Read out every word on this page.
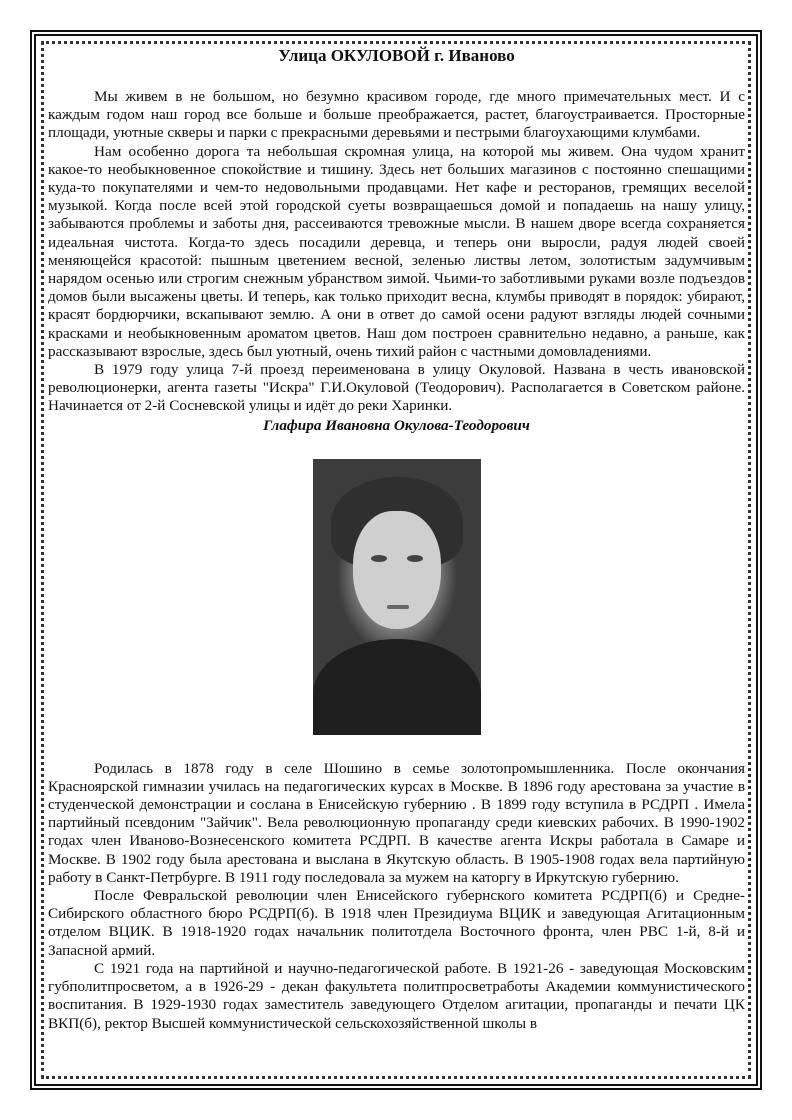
Улица ОКУЛОВОЙ г. Иваново

Мы живем в не большом, но безумно красивом городе, где много примечательных мест. И с каждым годом наш город все больше и больше преображается, растет, благоустраивается. Просторные площади, уютные скверы и парки с прекрасными деревьями и пестрыми благоухающими клумбами.

Нам особенно дорога та небольшая скромная улица, на которой мы живем. Она чудом хранит какое-то необыкновенное спокойствие и тишину. Здесь нет больших магазинов с постоянно спешащими куда-то покупателями и чем-то недовольными продавцами. Нет кафе и ресторанов, гремящих веселой музыкой. Когда после всей этой городской суеты возвращаешься домой и попадаешь на нашу улицу, забываются проблемы и заботы дня, рассеиваются тревожные мысли. В нашем дворе всегда сохраняется идеальная чистота. Когда-то здесь посадили деревца, и теперь они выросли, радуя людей своей меняющейся красотой: пышным цветением весной, зеленью листвы летом, золотистым задумчивым нарядом осенью или строгим снежным убранством зимой. Чьими-то заботливыми руками возле подъездов домов были высажены цветы. И теперь, как только приходит весна, клумбы приводят в порядок: убирают, красят бордюрчики, вскапывают землю. А они в ответ до самой осени радуют взгляды людей сочными красками и необыкновенным ароматом цветов. Наш дом построен сравнительно недавно, а раньше, как рассказывают взрослые, здесь был уютный, очень тихий район с частными домовладениями.

В 1979 году улица 7-й проезд переименована в улицу Окуловой. Названа в честь ивановской революционерки, агента газеты "Искра" Г.И.Окуловой (Теодорович). Располагается в Советском районе. Начинается от 2-й Сосневской улицы и идёт до реки Харинки.

Глафира Ивановна Окулова-Теодорович

Родилась в 1878 году в селе Шошино в семье золотопромышленника. После окончания Красноярской гимназии училась на педагогических курсах в Москве. В 1896 году арестована за участие в студенческой демонстрации и сослана в Енисейскую губернию . В 1899 году вступила в РСДРП . Имела партийный псевдоним "Зайчик". Вела революционную пропаганду среди киевских рабочих. В 1990-1902 годах член Иваново-Вознесенского комитета РСДРП. В качестве агента Искры работала в Самаре и Москве. В 1902 году была арестована и выслана в Якутскую область. В 1905-1908 годах вела партийную работу в Санкт-Петрбурге. В 1911 году последовала за мужем на каторгу в Иркутскую губернию.

После Февральской революции член Енисейского губернского комитета РСДРП(б) и Средне-Сибирского областного бюро РСДРП(б). В 1918 член Президиума ВЦИК и заведующая Агитационным отделом ВЦИК. В 1918-1920 годах начальник политотдела Восточного фронта, член РВС 1-й, 8-й и Запасной армий.

С 1921 года на партийной и научно-педагогической работе. В 1921-26 - заведующая Московским губполитпросветом, а в 1926-29 - декан факультета политпросветработы Академии коммунистического воспитания. В 1929-1930 годах заместитель заведующего Отделом агитации, пропаганды и печати ЦК ВКП(б), ректор Высшей коммунистической сельскохозяйственной школы в
